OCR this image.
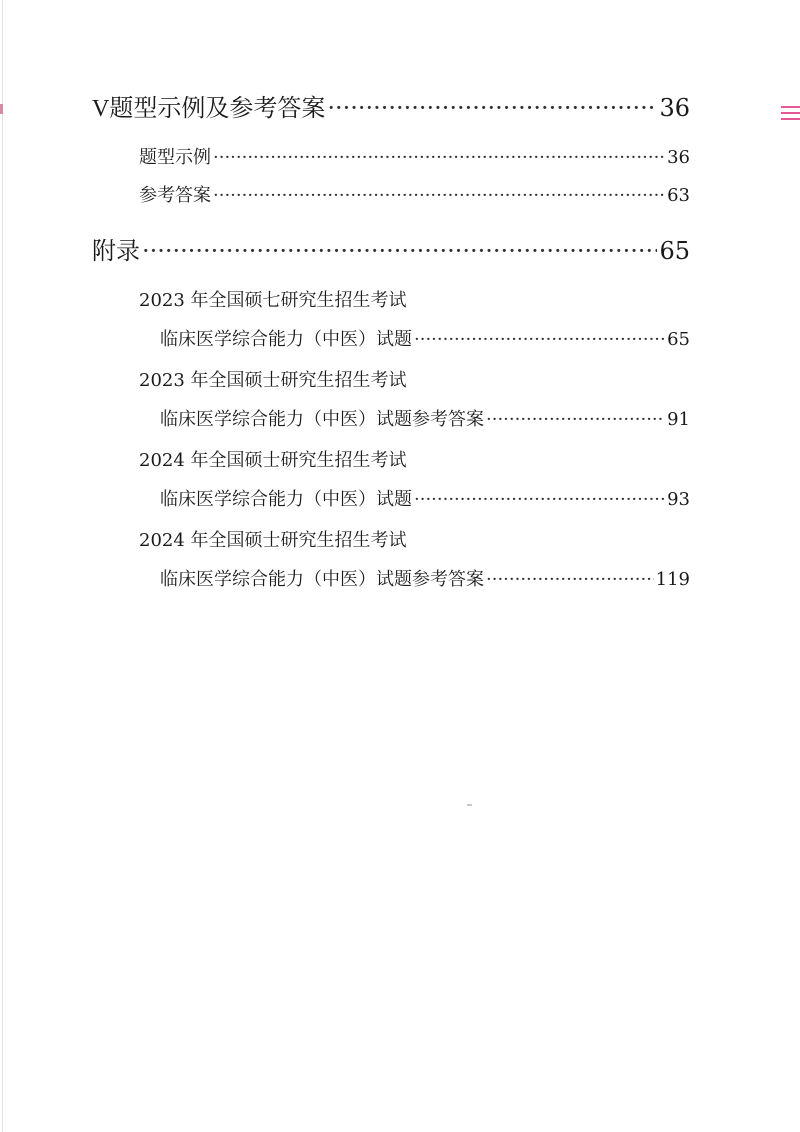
V 题型示例及参考答案 ·····	36
题型示例 ·····	36
参考答案 ·····	63
附录 ·····	65
2023 年全国硕七研究生招生考试
临床医学综合能力（中医）试题 ·····	65
2023 年全国硕士研究生招生考试
临床医学综合能力（中医）试题参考答案 ·····	91
2024 年全国硕士研究生招生考试
临床医学综合能力（中医）试题 ·····	93
2024 年全国硕士研究生招生考试
临床医学综合能力（中医）试题参考答案 ·····	119
